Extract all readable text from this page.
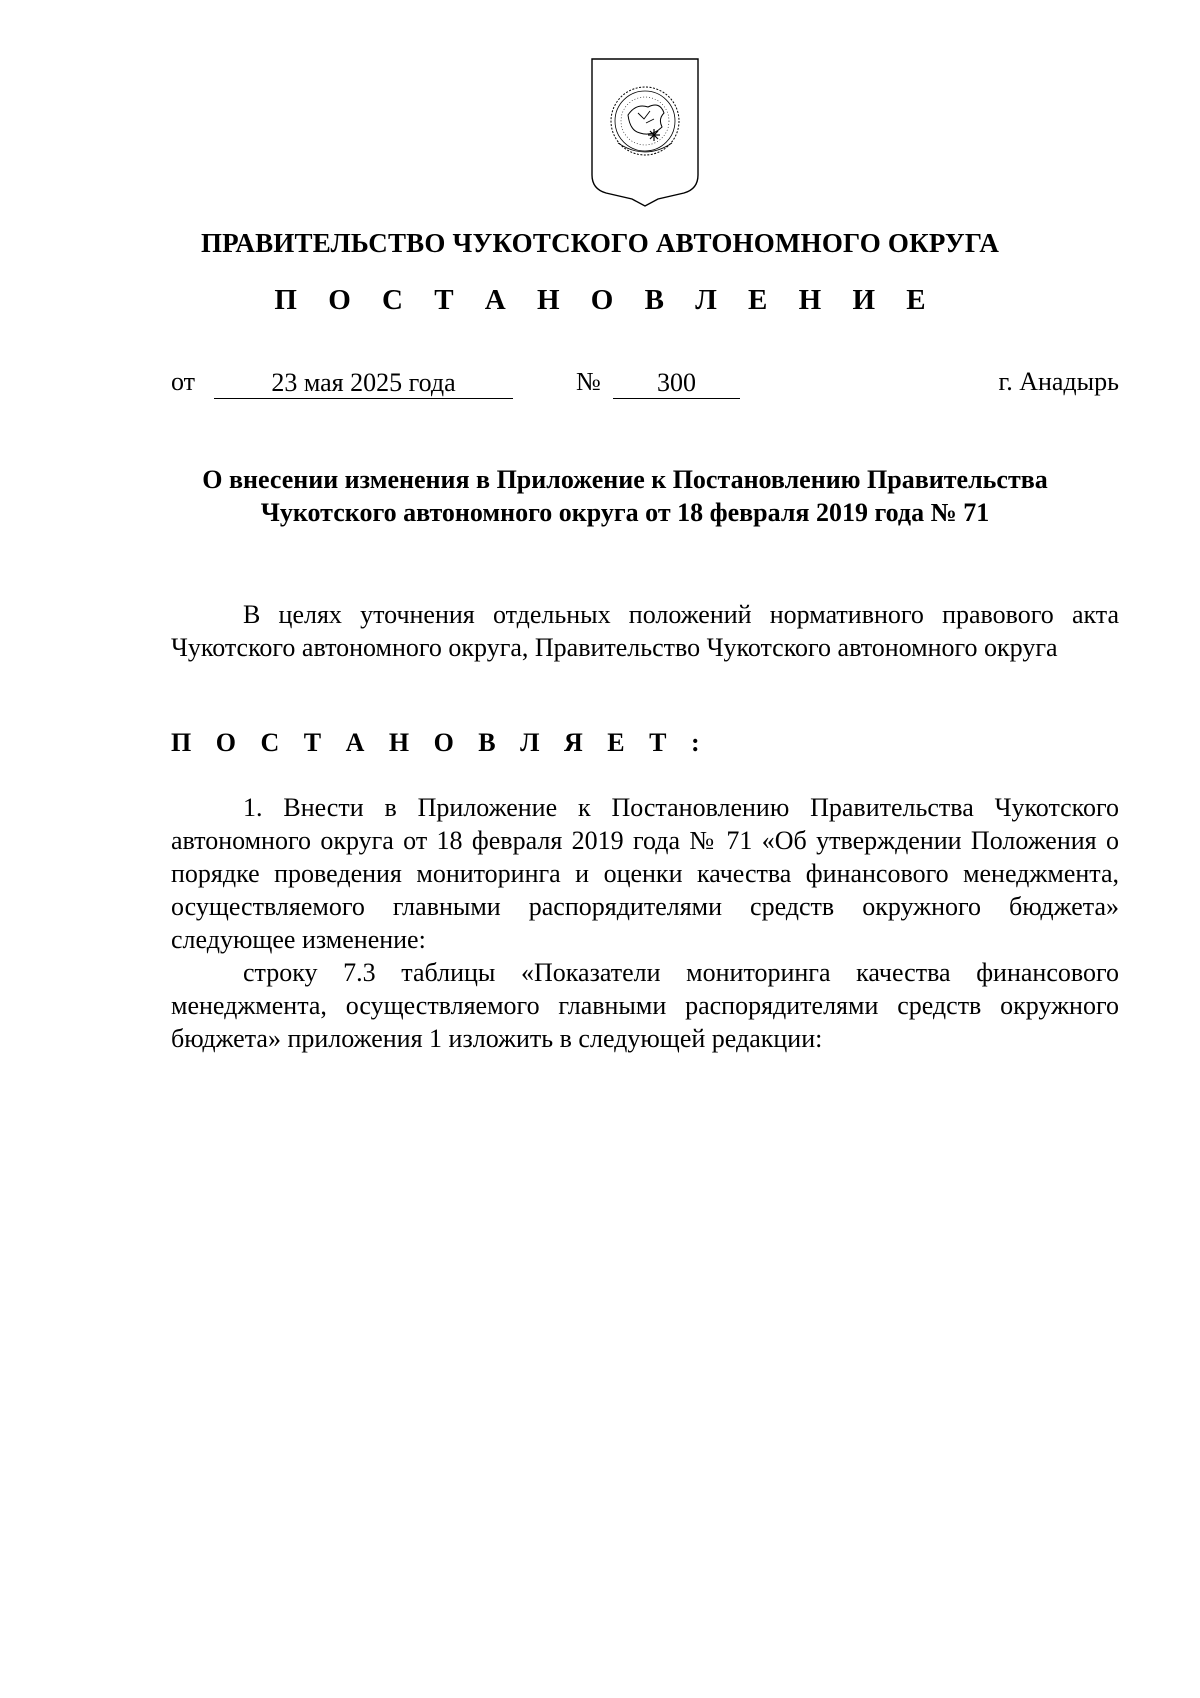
ПРАВИТЕЛЬСТВО ЧУКОТСКОГО АВТОНОМНОГО ОКРУГА
П О С Т А Н О В Л Е Н И Е
от	23 мая 2025 года	№	300	г. Анадырь
О внесении изменения в Приложение к Постановлению Правительства Чукотского автономного округа от 18 февраля 2019 года № 71

В целях уточнения отдельных положений нормативного правового акта Чукотского автономного округа, Правительство Чукотского автономного округа

П О С Т А Н О В Л Я Е Т :

1. Внести в Приложение к Постановлению Правительства Чукотского автономного округа от 18 февраля 2019 года № 71 «Об утверждении Положения о порядке проведения мониторинга и оценки качества финансового менеджмента, осуществляемого главными распорядителями средств окружного бюджета» следующее изменение:

строку 7.3 таблицы «Показатели мониторинга качества финансового менеджмента, осуществляемого главными распорядителями средств окружного бюджета» приложения 1 изложить в следующей редакции:
